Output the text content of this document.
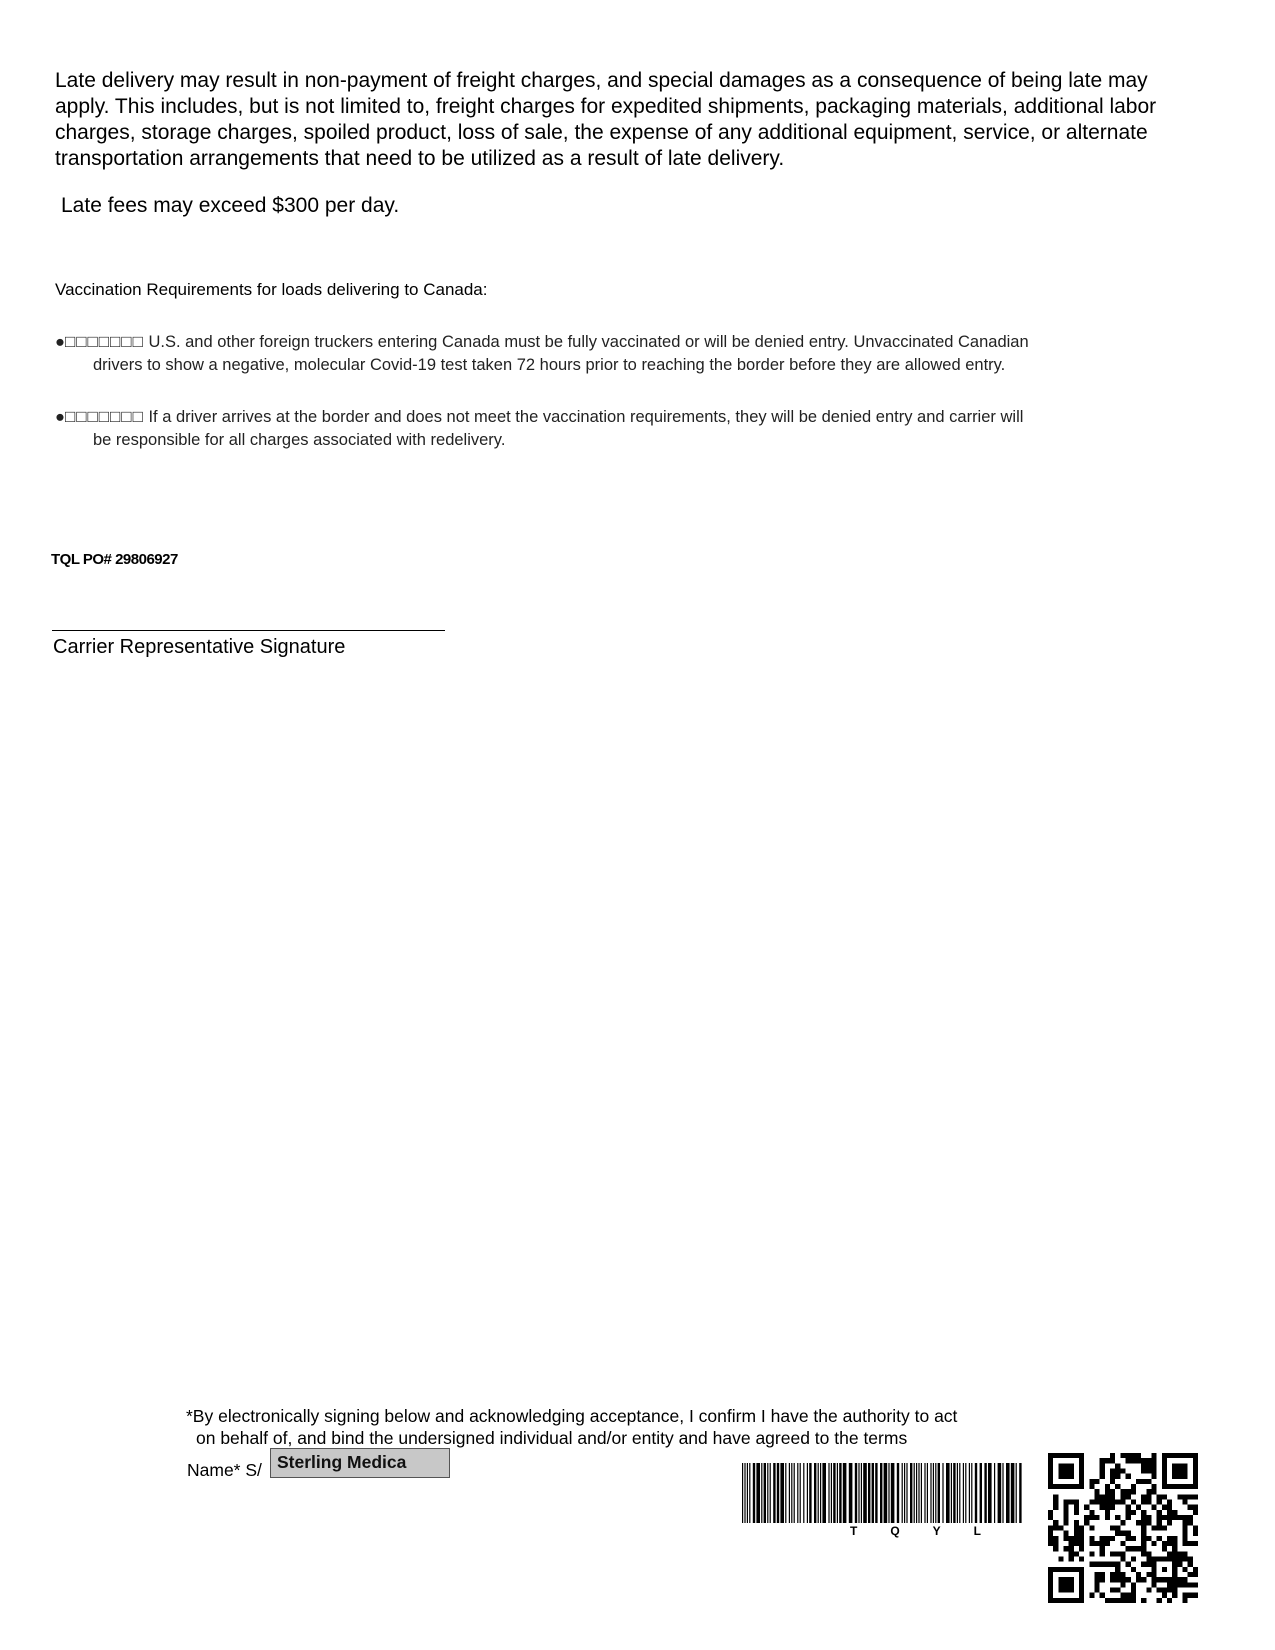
Late delivery may result in non-payment of freight charges, and special damages as a consequence of being late may apply. This includes, but is not limited to, freight charges for expedited shipments, packaging materials, additional labor charges, storage charges, spoiled product, loss of sale, the expense of any additional equipment, service, or alternate transportation arrangements that need to be utilized as a result of late delivery.

Late fees may exceed $300 per day.

Vaccination Requirements for loads delivering to Canada:

●□□□□□□□ U.S. and other foreign truckers entering Canada must be fully vaccinated or will be denied entry. Unvaccinated Canadian
drivers to show a negative, molecular Covid-19 test taken 72 hours prior to reaching the border before they are allowed entry.
●□□□□□□□ If a driver arrives at the border and does not meet the vaccination requirements, they will be denied entry and carrier will
be responsible for all charges associated with redelivery.
TQL PO# 29806927
Carrier Representative Signature
*By electronically signing below and acknowledging acceptance, I confirm I have the authority to act
on behalf of, and bind the undersigned individual and/or entity and have agreed to the terms
Name* S/ Sterling Medica
TQYL
